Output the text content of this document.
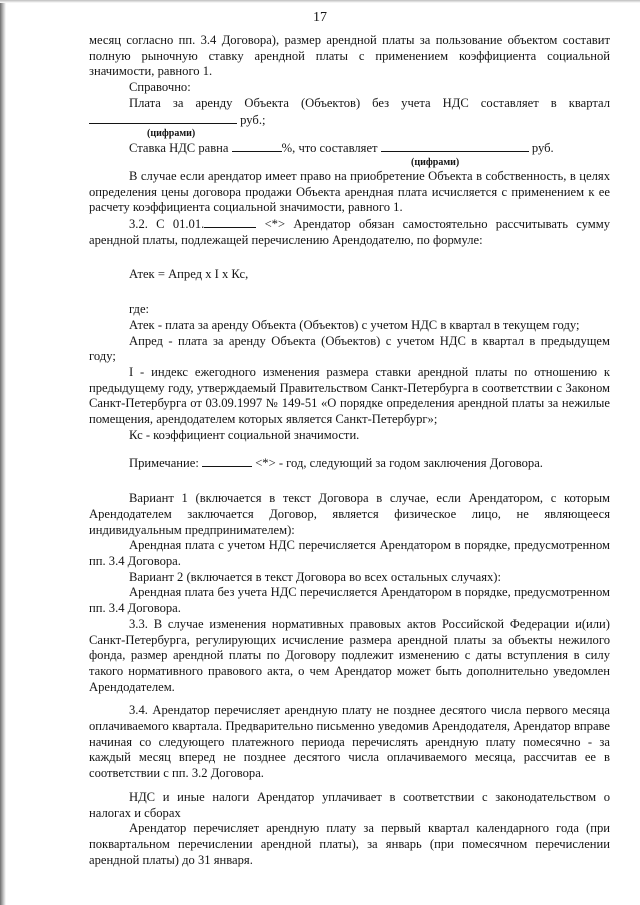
17

месяц согласно пп. 3.4 Договора), размер арендной платы за пользование объектом составит полную рыночную ставку арендной платы с применением коэффициента социальной значимости, равного 1.

Справочно:

Плата за аренду Объекта (Объектов) без учета НДС составляет в квартал

руб.;

(цифрами)

Ставка НДС равна	%, что составляет	руб.

(цифрами)

В случае если арендатор имеет право на приобретение Объекта в собственность, в целях определения цены договора продажи Объекта арендная плата исчисляется с применением к ее расчету коэффициента социальной значимости, равного 1.

3.2. С 01.01.	<*> Арендатор обязан самостоятельно рассчитывать сумму арендной платы, подлежащей перечислению Арендодателю, по формуле:

Атек = Апред х I х Кс,

где:

Атек - плата за аренду Объекта (Объектов) с учетом НДС в квартал в текущем году;

Апред - плата за аренду Объекта (Объектов) с учетом НДС в квартал в предыдущем году;

I - индекс ежегодного изменения размера ставки арендной платы по отношению к предыдущему году, утверждаемый Правительством Санкт-Петербурга в соответствии с Законом Санкт-Петербурга от 03.09.1997 № 149-51 «О порядке определения арендной платы за нежилые помещения, арендодателем которых является Санкт-Петербург»;

Кс - коэффициент социальной значимости.

Примечание:	<*> - год, следующий за годом заключения Договора.

Вариант 1 (включается в текст Договора в случае, если Арендатором, с которым Арендодателем заключается Договор, является физическое лицо, не являющееся индивидуальным предпринимателем):

Арендная плата с учетом НДС перечисляется Арендатором в порядке, предусмотренном пп. 3.4 Договора.

Вариант 2 (включается в текст Договора во всех остальных случаях):

Арендная плата без учета НДС перечисляется Арендатором в порядке, предусмотренном пп. 3.4 Договора.

3.3. В случае изменения нормативных правовых актов Российской Федерации и(или) Санкт-Петербурга, регулирующих исчисление размера арендной платы за объекты нежилого фонда, размер арендной платы по Договору подлежит изменению с даты вступления в силу такого нормативного правового акта, о чем Арендатор может быть дополнительно уведомлен Арендодателем.

3.4. Арендатор перечисляет арендную плату не позднее десятого числа первого месяца оплачиваемого квартала. Предварительно письменно уведомив Арендодателя, Арендатор вправе начиная со следующего платежного периода перечислять арендную плату помесячно - за каждый месяц вперед не позднее десятого числа оплачиваемого месяца, рассчитав ее в соответствии с пп. 3.2 Договора.

НДС и иные налоги Арендатор уплачивает в соответствии с законодательством о налогах и сборах

Арендатор перечисляет арендную плату за первый квартал календарного года (при поквартальном перечислении арендной платы), за январь (при помесячном перечислении арендной платы) до 31 января.
